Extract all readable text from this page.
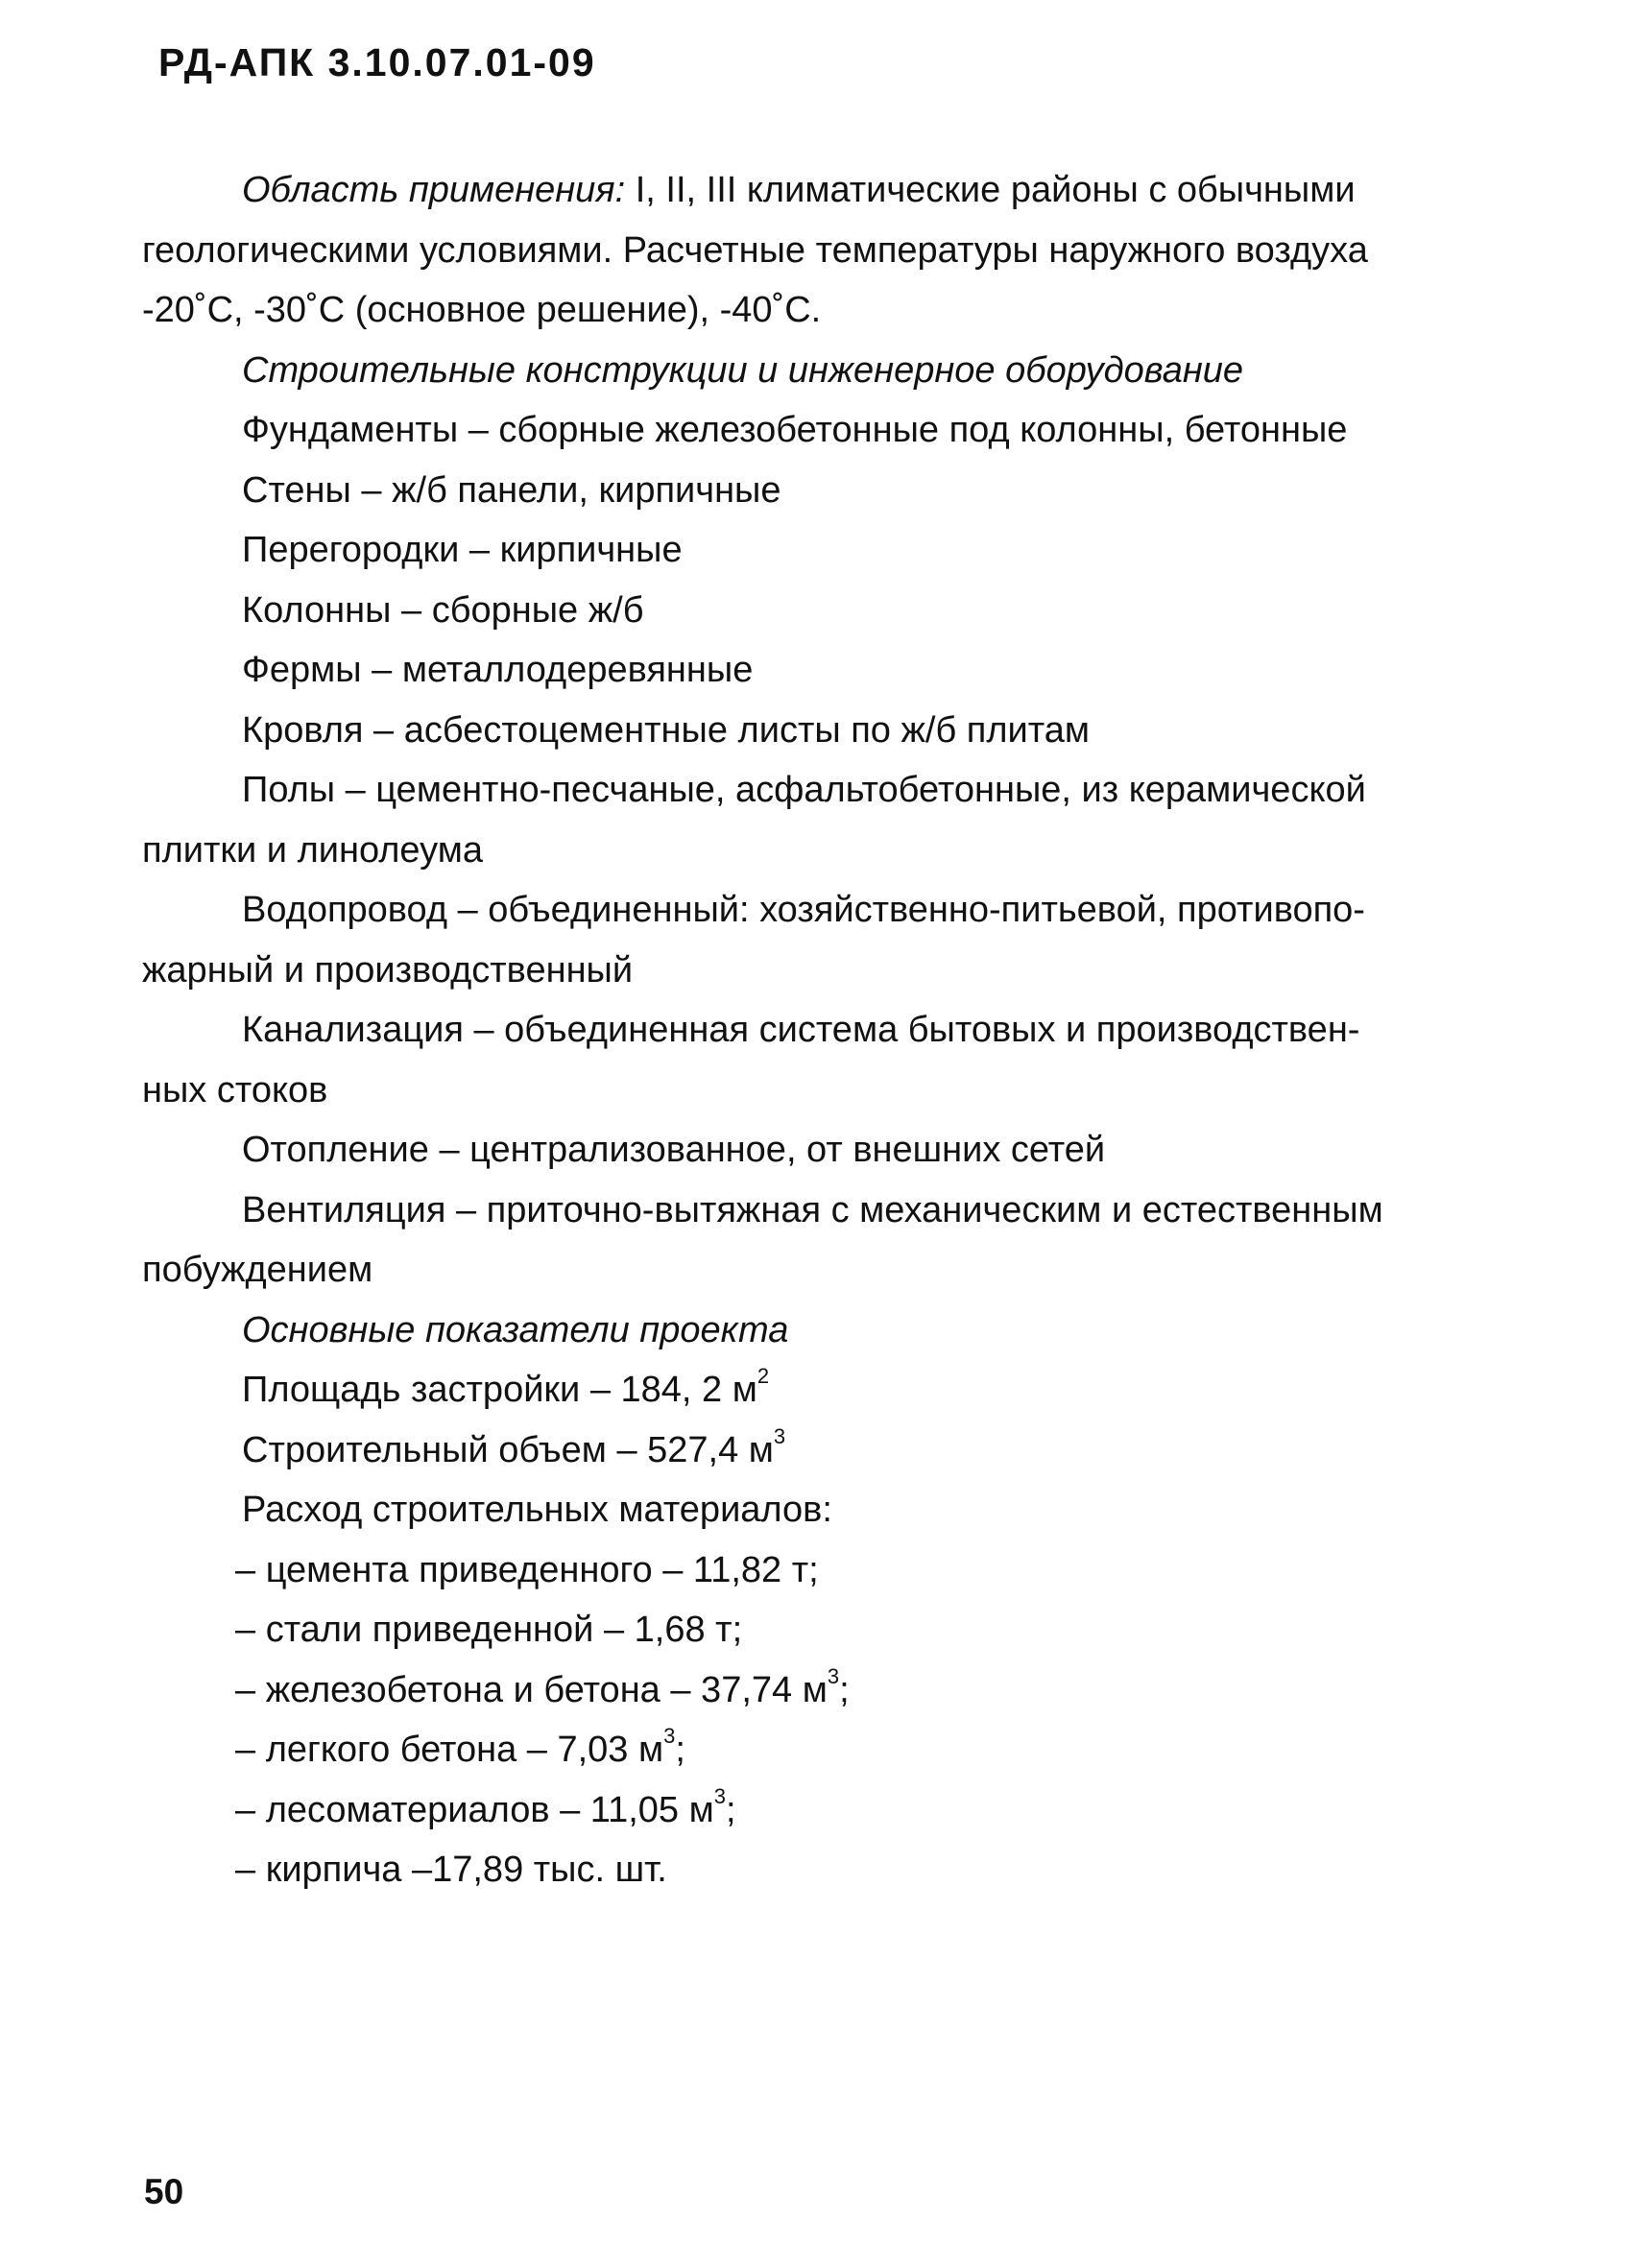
РД-АПК 3.10.07.01-09
Область применения: I, II, III климатические районы с обычными
геологическими условиями. Расчетные температуры наружного воздуха
-20˚С, -30˚С (основное решение), -40˚С.
Строительные конструкции и инженерное оборудование
Фундаменты – сборные железобетонные под колонны, бетонные
Стены – ж/б панели, кирпичные
Перегородки – кирпичные
Колонны – сборные ж/б
Фермы – металлодеревянные
Кровля – асбестоцементные листы по ж/б плитам
Полы – цементно-песчаные, асфальтобетонные, из керамической
плитки и линолеума
Водопровод – объединенный: хозяйственно-питьевой, противопо-
жарный и производственный
Канализация – объединенная система бытовых и производствен-
ных стоков
Отопление – централизованное, от внешних сетей
Вентиляция – приточно-вытяжная с механическим и естественным
побуждением
Основные показатели проекта
Площадь застройки – 184, 2 $м^2$
Строительный объем – 527,4 $м^3$
Расход строительных материалов:
– цемента приведенного – 11,82 т;
– стали приведенной – 1,68 т;
– железобетона и бетона – 37,74 $м^3$;
– легкого бетона – 7,03 $м^3$;
– лесоматериалов – 11,05 $м^3$;
– кирпича –17,89 тыс. шт.
50
